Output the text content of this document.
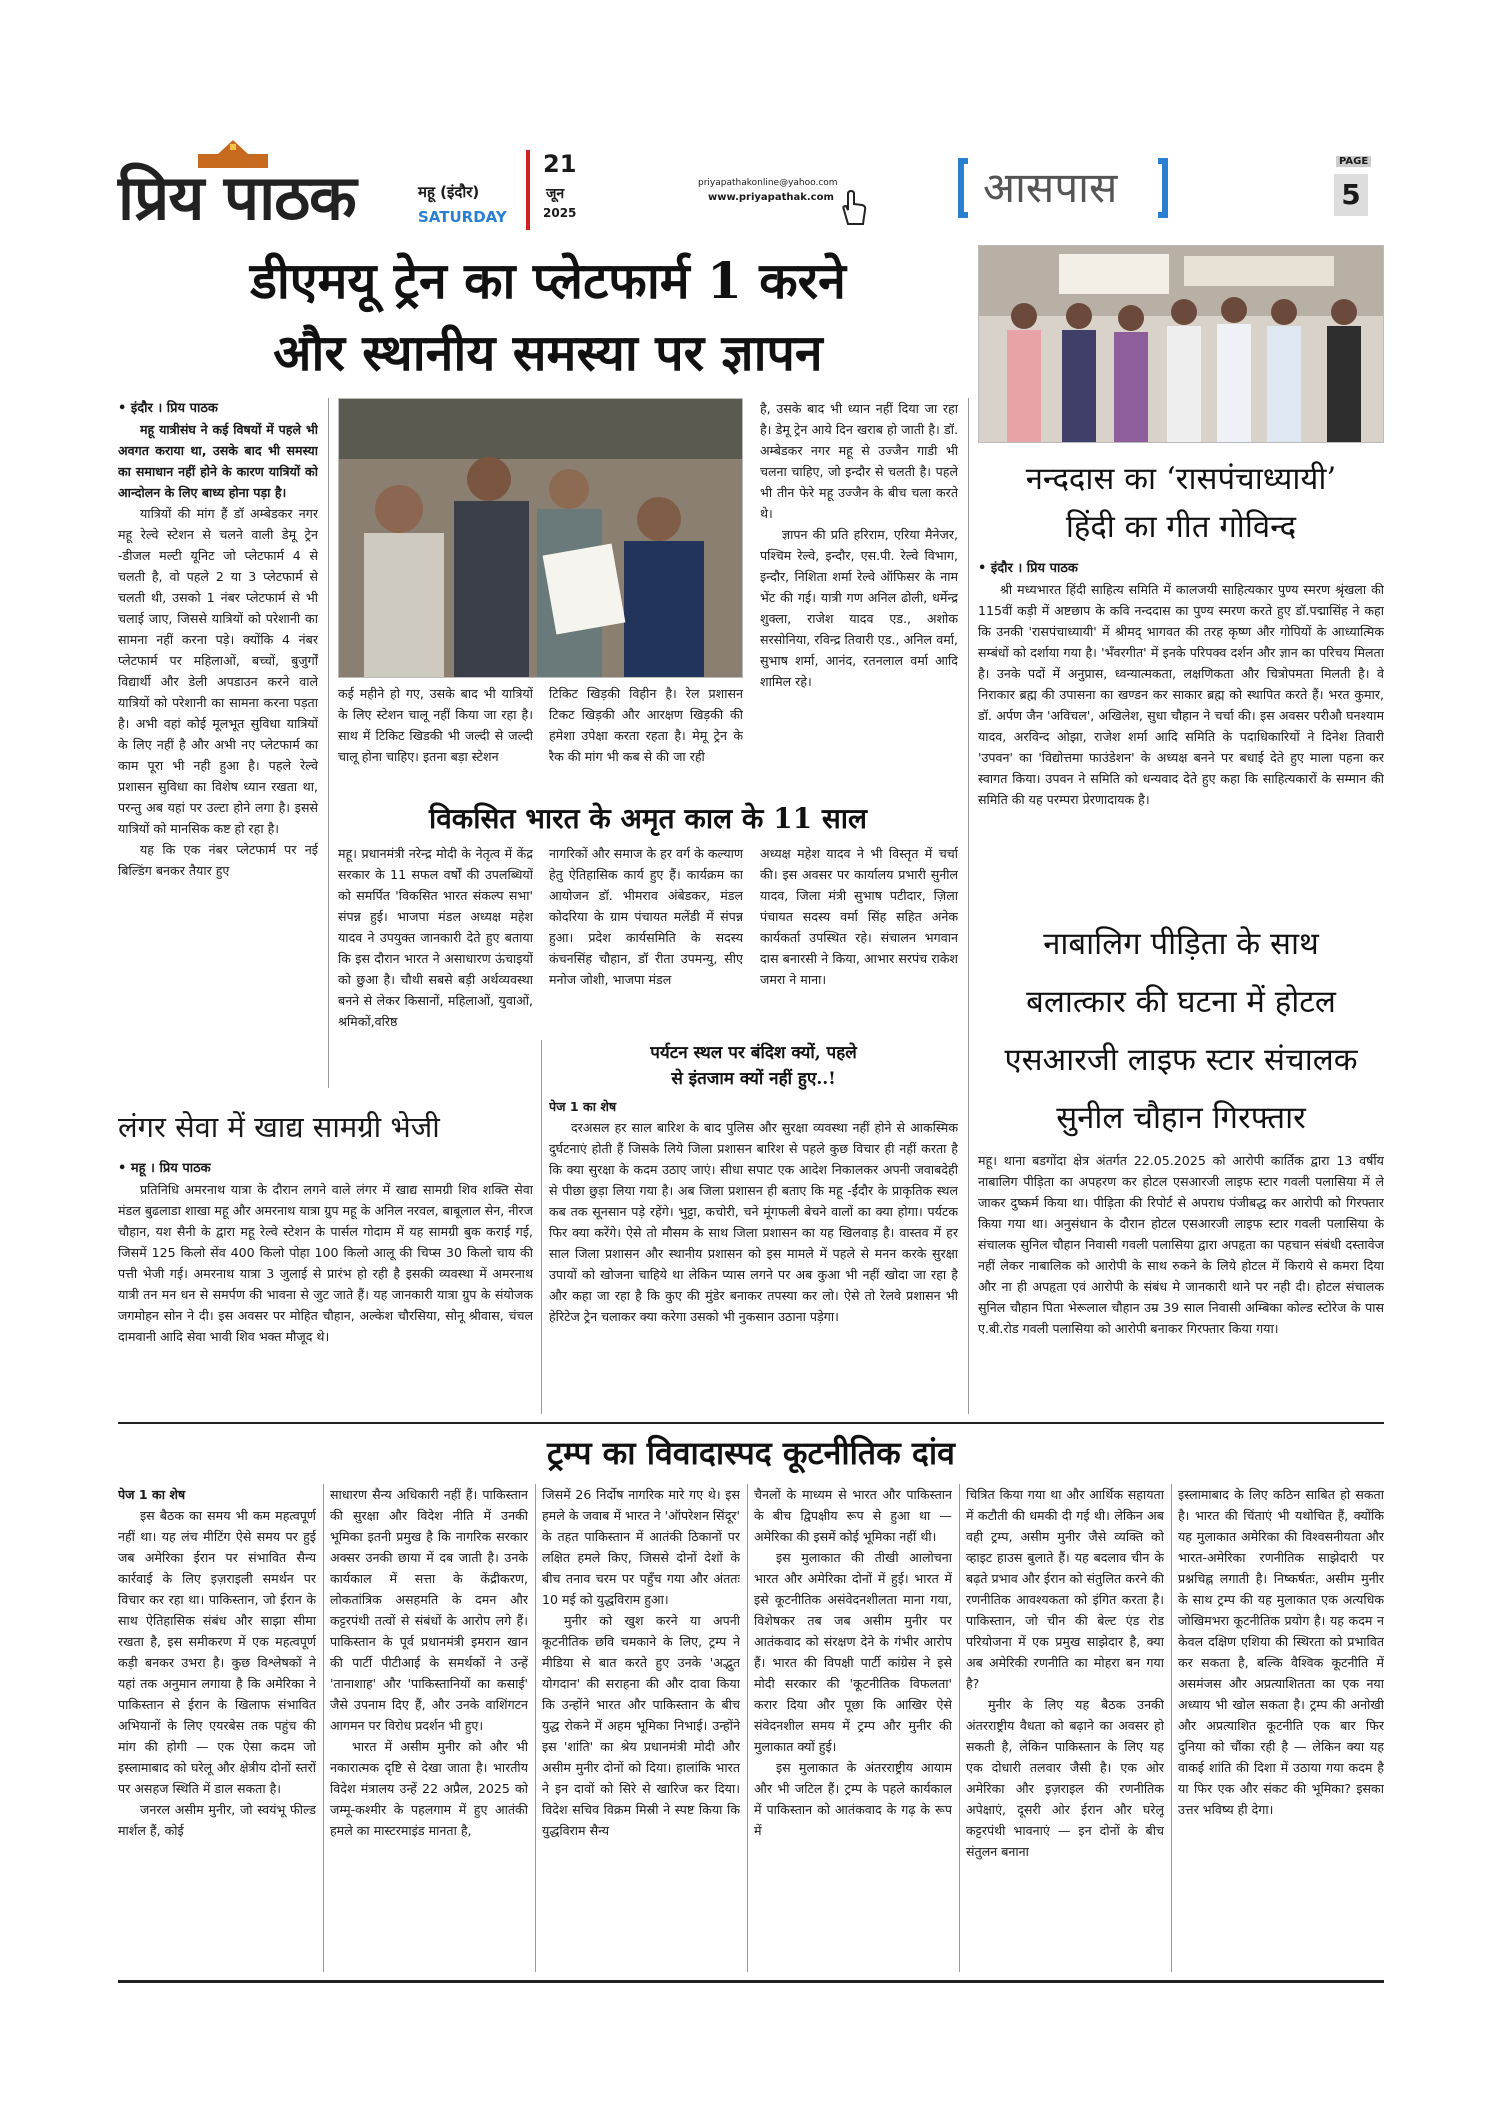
प्रिय पाठक	महू (इंदौर)
SATURDAY
21
जून
2025
priyapathakonline@yahoo.com
www.priyapathak.com	आसपास
PAGE
5
डीएमयू ट्रेन का प्लेटफार्म 1 करने
और स्थानीय समस्या पर ज्ञापन

• इंदौर । प्रिय पाठक

महू यात्रीसंघ ने कई विषयों में पहले भी अवगत कराया था, उसके बाद भी समस्या का समाधान नहीं होने के कारण यात्रियों को आन्दोलन के लिए बाध्य होना पड़ा है।

यात्रियों की मांग हैं डॉ अम्बेडकर नगर महू रेल्वे स्टेशन से चलने वाली डेमू ट्रेन -डीजल मल्टी यूनिट जो प्लेटफार्म 4 से चलती है, वो पहले 2 या 3 प्लेटफार्म से चलती थी, उसको 1 नंबर प्लेटफार्म से भी चलाई जाए, जिससे यात्रियों को परेशानी का सामना नहीं करना पड़े। क्योंकि 4 नंबर प्लेटफार्म पर महिलाओं, बच्चों, बुजुर्गों विद्यार्थी और डेली अपडाउन करने वाले यात्रियों को परेशानी का सामना करना पड़ता है। अभी वहां कोई मूलभूत सुविधा यात्रियों के लिए नहीं है और अभी नए प्लेटफार्म का काम पूरा भी नही हुआ है। पहले रेल्वे प्रशासन सुविधा का विशेष ध्यान रखता था, परन्तु अब यहां पर उल्टा होने लगा है। इससे यात्रियों को मानसिक कष्ट हो रहा है।

यह कि एक नंबर प्लेटफार्म पर नई बिल्डिंग बनकर तैयार हुए

कई महीने हो गए, उसके बाद भी यात्रियों के लिए स्टेशन चालू नहीं किया जा रहा है। साथ में टिकिट खिडकी भी जल्दी से जल्दी चालू होना चाहिए। इतना बड़ा स्टेशन

टिकिट खिड़की विहीन है। रेल प्रशासन टिकट खिड़की और आरक्षण खिड़की की हमेशा उपेक्षा करता रहता है। मेमू ट्रेन के रैक की मांग भी कब से की जा रही

है, उसके बाद भी ध्यान नहीं दिया जा रहा है। डेमू ट्रेन आये दिन खराब हो जाती है। डॉ. अम्बेडकर नगर महू से उज्जैन गाडी भी चलना चाहिए, जो इन्दौर से चलती है। पहले भी तीन फेरे महू उज्जैन के बीच चला करते थे।

ज्ञापन की प्रति हरिराम, एरिया मैनेजर, पश्चिम रेल्वे, इन्दौर, एस.पी. रेल्वे विभाग, इन्दौर, निशिता शर्मा रेल्वे ऑफिसर के नाम भेंट की गई। यात्री गण अनिल ढोली, धर्मेन्द्र शुक्ला, राजेश यादव एड., अशोक सरसोनिया, रविन्द्र तिवारी एड., अनिल वर्मा, सुभाष शर्मा, आनंद, रतनलाल वर्मा आदि शामिल रहे।

नन्ददास का ‘रासपंचाध्यायी’
हिंदी का गीत गोविन्द

• इंदौर । प्रिय पाठक

श्री मध्यभारत हिंदी साहित्य समिति में कालजयी साहित्यकार पुण्य स्मरण श्रृंखला की 115वीं कड़ी में अष्टछाप के कवि नन्ददास का पुण्य स्मरण करते हुए डॉ.पद्मासिंह ने कहा कि उनकी 'रासपंचाध्यायी' में श्रीमद् भागवत की तरह कृष्ण और गोपियों के आध्यात्मिक सम्बंधों को दर्शाया गया है। 'भँवरगीत' में इनके परिपक्व दर्शन और ज्ञान का परिचय मिलता है। उनके पदों में अनुप्रास, ध्वन्यात्मकता, लक्षणिकता और चित्रोपमता मिलती है। वे निराकार ब्रह्म की उपासना का खण्डन कर साकार ब्रह्म को स्थापित करते हैं। भरत कुमार, डॉ. अर्पण जैन 'अविचल', अखिलेश, सुधा चौहान ने चर्चा की। इस अवसर परीऔ घनश्याम यादव, अरविन्द ओझा, राजेश शर्मा आदि समिति के पदाधिकारियों ने दिनेश तिवारी 'उपवन' का 'विद्योत्तमा फाउंडेशन' के अध्यक्ष बनने पर बधाई देते हुए माला पहना कर स्वागत किया। उपवन ने समिति को धन्यवाद देते हुए कहा कि साहित्यकारों के सम्मान की समिति की यह परम्परा प्रेरणादायक है।

विकसित भारत के अमृत काल के 11 साल

महू। प्रधानमंत्री नरेन्द्र मोदी के नेतृत्व में केंद्र सरकार के 11 सफल वर्षों की उपलब्धियों को समर्पित 'विकसित भारत संकल्प सभा' संपन्न हुई। भाजपा मंडल अध्यक्ष महेश यादव ने उपयुक्त जानकारी देते हुए बताया कि इस दौरान भारत ने असाधारण ऊंचाइयों को छुआ है। चौथी सबसे बड़ी अर्थव्यवस्था बनने से लेकर किसानों, महिलाओं, युवाओं, श्रमिकों,वरिष्ठ

नागरिकों और समाज के हर वर्ग के कल्याण हेतु ऐतिहासिक कार्य हुए हैं। कार्यक्रम का आयोजन डॉ. भीमराव अंबेडकर, मंडल कोदरिया के ग्राम पंचायत मलेंडी में संपन्न हुआ। प्रदेश कार्यसमिति के सदस्य कंचनसिंह चौहान, डॉ रीता उपमन्यु, सीए मनोज जोशी, भाजपा मंडल

अध्यक्ष महेश यादव ने भी विस्तृत में चर्चा की। इस अवसर पर कार्यालय प्रभारी सुनील यादव, जिला मंत्री सुभाष पटीदार, ज़िला पंचायत सदस्य वर्मा सिंह सहित अनेक कार्यकर्ता उपस्थित रहे। संचालन भगवान दास बनारसी ने किया, आभार सरपंच राकेश जमरा ने माना।

पर्यटन स्थल पर बंदिश क्यों, पहले
से इंतजाम क्यों नहीं हुए..!

पेज 1 का शेष

दरअसल हर साल बारिश के बाद पुलिस और सुरक्षा व्यवस्था नहीं होने से आकस्मिक दुर्घटनाएं होती हैं जिसके लिये जिला प्रशासन बारिश से पहले कुछ विचार ही नहीं करता है कि क्या सुरक्षा के कदम उठाए जाएं। सीधा सपाट एक आदेश निकालकर अपनी जवाबदेही से पीछा छुड़ा लिया गया है। अब जिला प्रशासन ही बताए कि महू -ईंदौर के प्राकृतिक स्थल कब तक सूनसान पड़े रहेंगे। भुट्टा, कचोरी, चने मूंगफली बेचने वालों का क्या होगा। पर्यटक फिर क्या करेंगे। ऐसे तो मौसम के साथ जिला प्रशासन का यह खिलवाड़ है। वास्तव में हर साल जिला प्रशासन और स्थानीय प्रशासन को इस मामले में पहले से मनन करके सुरक्षा उपायों को खोजना चाहिये था लेकिन प्यास लगने पर अब कुआ भी नहीं खोदा जा रहा है और कहा जा रहा है कि कुए की मुंडेर बनाकर तपस्या कर लो। ऐसे तो रेलवे प्रशासन भी हेरिटेज ट्रेन चलाकर क्या करेगा उसको भी नुकसान उठाना पड़ेगा।

लंगर सेवा में खाद्य सामग्री भेजी

• महू । प्रिय पाठक

प्रतिनिधि अमरनाथ यात्रा के दौरान लगने वाले लंगर में खाद्य सामग्री शिव शक्ति सेवा मंडल बुढलाडा शाखा महू और अमरनाथ यात्रा ग्रुप महू के अनिल नरवल, बाबूलाल सेन, नीरज चौहान, यश सैनी के द्वारा महू रेल्वे स्टेशन के पार्सल गोदाम में यह सामग्री बुक कराई गई, जिसमें 125 किलो सेंव 400 किलो पोहा 100 किलो आलू की चिप्स 30 किलो चाय की पत्ती भेजी गई। अमरनाथ यात्रा 3 जुलाई से प्रारंभ हो रही है इसकी व्यवस्था में अमरनाथ यात्री तन मन धन से समर्पण की भावना से जुट जाते हैं। यह जानकारी यात्रा ग्रुप के संयोजक जगमोहन सोन ने दी। इस अवसर पर मोहित चौहान, अल्केश चौरसिया, सोनू श्रीवास, चंचल दामवानी आदि सेवा भावी शिव भक्त मौजूद थे।

नाबालिग पीड़िता के साथ
बलात्कार की घटना में होटल
एसआरजी लाइफ स्टार संचालक
सुनील चौहान गिरफ्तार

महू। थाना बडगोंदा क्षेत्र अंतर्गत 22.05.2025 को आरोपी कार्तिक द्वारा 13 वर्षीय नाबालिग पीड़िता का अपहरण कर होटल एसआरजी लाइफ स्टार गवली पलासिया में ले जाकर दुष्कर्म किया था। पीड़िता की रिपोर्ट से अपराध पंजीबद्ध कर आरोपी को गिरफ्तार किया गया था। अनुसंधान के दौरान होटल एसआरजी लाइफ स्टार गवली पलासिया के संचालक सुनिल चौहान निवासी गवली पलासिया द्वारा अपहृता का पहचान संबंधी दस्तावेज नहीं लेकर नाबालिक को आरोपी के साथ रुकने के लिये होटल में किराये से कमरा दिया और ना ही अपहृता एवं आरोपी के संबंध मे जानकारी थाने पर नही दी। होटल संचालक सुनिल चौहान पिता भेरूलाल चौहान उम्र 39 साल निवासी अम्बिका कोल्ड स्टोरेज के पास ए.बी.रोड गवली पलासिया को आरोपी बनाकर गिरफ्तार किया गया।

ट्रम्प का विवादास्पद कूटनीतिक दांव

पेज 1 का शेष

इस बैठक का समय भी कम महत्वपूर्ण नहीं था। यह लंच मीटिंग ऐसे समय पर हुई जब अमेरिका ईरान पर संभावित सैन्य कार्रवाई के लिए इज़राइली समर्थन पर विचार कर रहा था। पाकिस्तान, जो ईरान के साथ ऐतिहासिक संबंध और साझा सीमा रखता है, इस समीकरण में एक महत्वपूर्ण कड़ी बनकर उभरा है। कुछ विश्लेषकों ने यहां तक अनुमान लगाया है कि अमेरिका ने पाकिस्तान से ईरान के खिलाफ संभावित अभियानों के लिए एयरबेस तक पहुंच की मांग की होगी — एक ऐसा कदम जो इस्लामाबाद को घरेलू और क्षेत्रीय दोनों स्तरों पर असहज स्थिति में डाल सकता है।

जनरल असीम मुनीर, जो स्वयंभू फील्ड मार्शल हैं, कोई

साधारण सैन्य अधिकारी नहीं हैं। पाकिस्तान की सुरक्षा और विदेश नीति में उनकी भूमिका इतनी प्रमुख है कि नागरिक सरकार अक्सर उनकी छाया में दब जाती है। उनके कार्यकाल में सत्ता के केंद्रीकरण, लोकतांत्रिक असहमति के दमन और कट्टरपंथी तत्वों से संबंधों के आरोप लगे हैं। पाकिस्तान के पूर्व प्रधानमंत्री इमरान खान की पार्टी पीटीआई के समर्थकों ने उन्हें 'तानाशाह' और 'पाकिस्तानियों का कसाई' जैसे उपनाम दिए हैं, और उनके वाशिंगटन आगमन पर विरोध प्रदर्शन भी हुए।

भारत में असीम मुनीर को और भी नकारात्मक दृष्टि से देखा जाता है। भारतीय विदेश मंत्रालय उन्हें 22 अप्रैल, 2025 को जम्मू-कश्मीर के पहलगाम में हुए आतंकी हमले का मास्टरमाइंड मानता है,

जिसमें 26 निर्दोष नागरिक मारे गए थे। इस हमले के जवाब में भारत ने 'ऑपरेशन सिंदूर' के तहत पाकिस्तान में आतंकी ठिकानों पर लक्षित हमले किए, जिससे दोनों देशों के बीच तनाव चरम पर पहुँच गया और अंततः 10 मई को युद्धविराम हुआ।

मुनीर को खुश करने या अपनी कूटनीतिक छवि चमकाने के लिए, ट्रम्प ने मीडिया से बात करते हुए उनके 'अद्भुत योगदान' की सराहना की और दावा किया कि उन्होंने भारत और पाकिस्तान के बीच युद्ध रोकने में अहम भूमिका निभाई। उन्होंने इस 'शांति' का श्रेय प्रधानमंत्री मोदी और असीम मुनीर दोनों को दिया। हालांकि भारत ने इन दावों को सिरे से खारिज कर दिया। विदेश सचिव विक्रम मिस्री ने स्पष्ट किया कि युद्धविराम सैन्य

चैनलों के माध्यम से भारत और पाकिस्तान के बीच द्विपक्षीय रूप से हुआ था — अमेरिका की इसमें कोई भूमिका नहीं थी।

इस मुलाकात की तीखी आलोचना भारत और अमेरिका दोनों में हुई। भारत में इसे कूटनीतिक असंवेदनशीलता माना गया, विशेषकर तब जब असीम मुनीर पर आतंकवाद को संरक्षण देने के गंभीर आरोप हैं। भारत की विपक्षी पार्टी कांग्रेस ने इसे मोदी सरकार की 'कूटनीतिक विफलता' करार दिया और पूछा कि आखिर ऐसे संवेदनशील समय में ट्रम्प और मुनीर की मुलाकात क्यों हुई।

इस मुलाकात के अंतरराष्ट्रीय आयाम और भी जटिल हैं। ट्रम्प के पहले कार्यकाल में पाकिस्तान को आतंकवाद के गढ़ के रूप में

चित्रित किया गया था और आर्थिक सहायता में कटौती की धमकी दी गई थी। लेकिन अब वही ट्रम्प, असीम मुनीर जैसे व्यक्ति को व्हाइट हाउस बुलाते हैं। यह बदलाव चीन के बढ़ते प्रभाव और ईरान को संतुलित करने की रणनीतिक आवश्यकता को इंगित करता है। पाकिस्तान, जो चीन की बेल्ट एंड रोड परियोजना में एक प्रमुख साझेदार है, क्या अब अमेरिकी रणनीति का मोहरा बन गया है?

मुनीर के लिए यह बैठक उनकी अंतरराष्ट्रीय वैधता को बढ़ाने का अवसर हो सकती है, लेकिन पाकिस्तान के लिए यह एक दोधारी तलवार जैसी है। एक ओर अमेरिका और इज़राइल की रणनीतिक अपेक्षाएं, दूसरी ओर ईरान और घरेलू कट्टरपंथी भावनाएं — इन दोनों के बीच संतुलन बनाना

इस्लामाबाद के लिए कठिन साबित हो सकता है। भारत की चिंताएं भी यथोचित हैं, क्योंकि यह मुलाकात अमेरिका की विश्वसनीयता और भारत-अमेरिका रणनीतिक साझेदारी पर प्रश्नचिह्न लगाती है। निष्कर्षतः, असीम मुनीर के साथ ट्रम्प की यह मुलाकात एक अत्यधिक जोखिमभरा कूटनीतिक प्रयोग है। यह कदम न केवल दक्षिण एशिया की स्थिरता को प्रभावित कर सकता है, बल्कि वैश्विक कूटनीति में असमंजस और अप्रत्याशितता का एक नया अध्याय भी खोल सकता है। ट्रम्प की अनोखी और अप्रत्याशित कूटनीति एक बार फिर दुनिया को चौंका रही है — लेकिन क्या यह वाकई शांति की दिशा में उठाया गया कदम है या फिर एक और संकट की भूमिका? इसका उत्तर भविष्य ही देगा।
